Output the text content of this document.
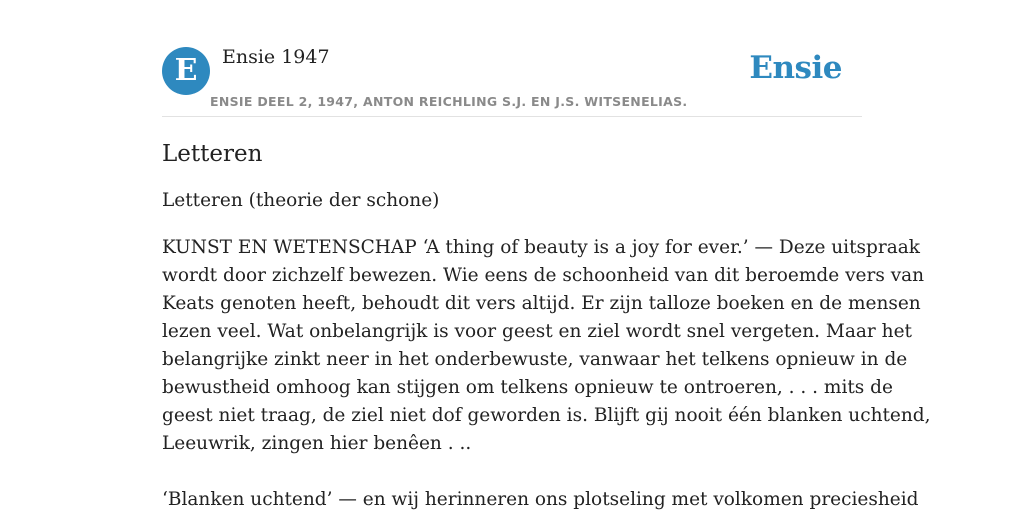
E	Ensie 1947
ENSIE DEEL 2, 1947, ANTON REICHLING S.J. EN J.S. WITSENELIAS.
Ensie
Letteren
Letteren (theorie der schone)
KUNST EN WETENSCHAP ‘A thing of beauty is a joy for ever.’ — Deze uitspraak
wordt door zichzelf bewezen. Wie eens de schoonheid van dit beroemde vers van
Keats genoten heeft, behoudt dit vers altijd. Er zijn talloze boeken en de mensen
lezen veel. Wat onbelangrijk is voor geest en ziel wordt snel vergeten. Maar het
belangrijke zinkt neer in het onderbewuste, vanwaar het telkens opnieuw in de
bewustheid omhoog kan stijgen om telkens opnieuw te ontroeren, . . . mits de
geest niet traag, de ziel niet dof geworden is. Blijft gij nooit één blanken uchtend,
Leeuwrik, zingen hier benêen . ..
‘Blanken uchtend’ — en wij herinneren ons plotseling met volkomen preciesheid
